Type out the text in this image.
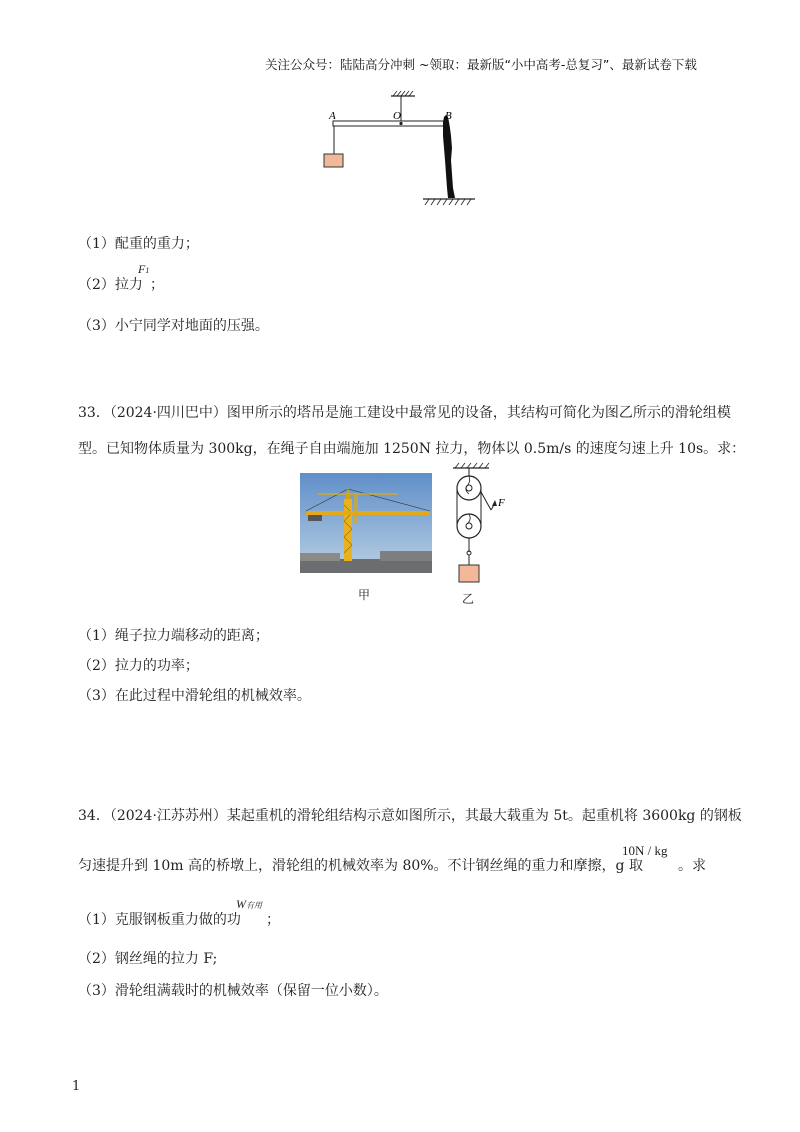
关注公众号：陆陆高分冲刺 ~领取：最新版“小中高考-总复习”、最新试卷下载
A	O	B
（1）配重的重力；
（2）拉力
F1
；
（3）小宁同学对地面的压强。
33．（2024·四川巴中）图甲所示的塔吊是施工建设中最常见的设备，其结构可简化为图乙所示的滑轮组模
型。已知物体质量为 300kg，在绳子自由端施加 1250N 拉力，物体以 0.5m/s 的速度匀速上升 10s。求：
甲
F
乙
（1）绳子拉力端移动的距离；
（2）拉力的功率；
（3）在此过程中滑轮组的机械效率。
34．（2024·江苏苏州）某起重机的滑轮组结构示意如图所示，其最大载重为 5t。起重机将 3600kg 的钢板
匀速提升到 10m 高的桥墩上，滑轮组的机械效率为 80%。不计钢丝绳的重力和摩擦，g 取
10N / kg
。求
（1）克服钢板重力做的功
W有用
；
（2）钢丝绳的拉力 F;
（3）滑轮组满载时的机械效率（保留一位小数）。
1
